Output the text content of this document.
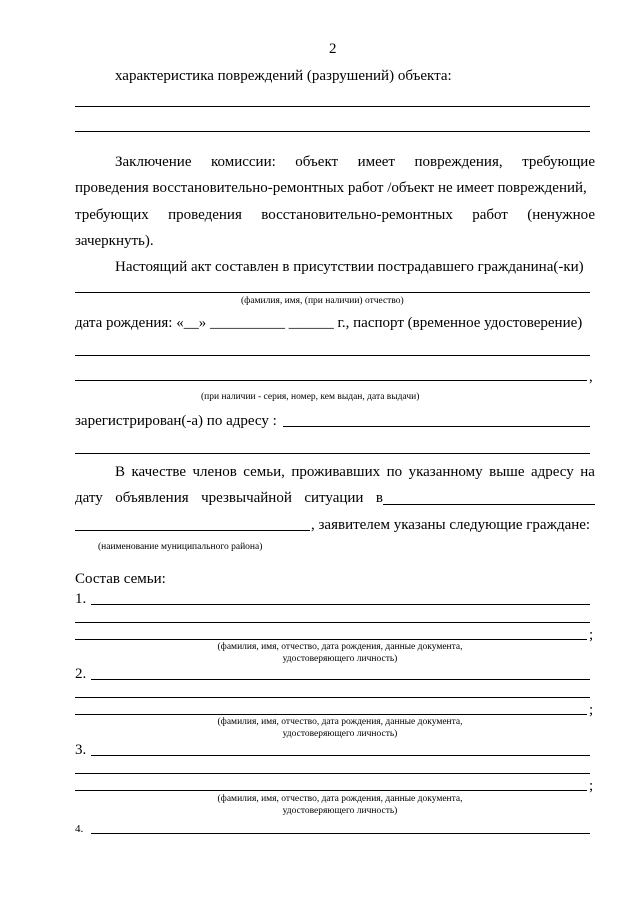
2
характеристика повреждений (разрушений) объекта:
Заключение комиссии: объект имеет повреждения, требующие
проведения восстановительно-ремонтных работ /объект не имеет повреждений,
требующих проведения восстановительно-ремонтных работ (ненужное
зачеркнуть).
Настоящий акт составлен в присутствии пострадавшего гражданина(-ки)
(фамилия, имя, (при наличии) отчество)
дата рождения: «__» __________ ______ г., паспорт (временное удостоверение)
,
(при наличии - серия, номер, кем выдан, дата выдачи)
зарегистрирован(-а) по адресу :
В качестве членов семьи, проживавших по указанному выше адресу на
дату объявления чрезвычайной ситуации в
, заявителем указаны следующие граждане:
(наименование муниципального района)
Состав семьи:
1.
;
(фамилия, имя, отчество, дата рождения, данные документа,
удостоверяющего личность)
2.
;
(фамилия, имя, отчество, дата рождения, данные документа,
удостоверяющего личность)
3.
;
(фамилия, имя, отчество, дата рождения, данные документа,
удостоверяющего личность)
4.
